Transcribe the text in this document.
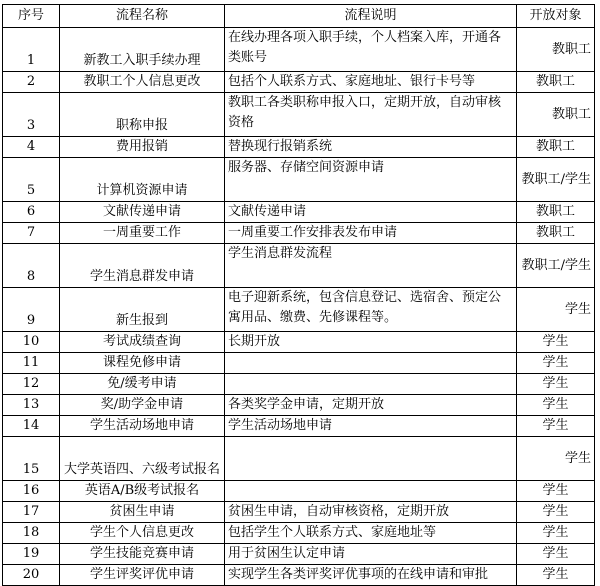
序号	流程名称	流程说明	开放对象
1	新教工入职手续办理	在线办理各项入职手续，个人档案入库，开通各类账号	教职工
2	教职工个人信息更改	包括个人联系方式、家庭地址、银行卡号等	教职工
3	职称申报	教职工各类职称申报入口，定期开放，自动审核资格	教职工
4	费用报销	替换现行报销系统	教职工
5	计算机资源申请	服务器、存储空间资源申请	教职工/学生
6	文献传递申请	文献传递申请	教职工
7	一周重要工作	一周重要工作安排表发布申请	教职工
8	学生消息群发申请	学生消息群发流程	教职工/学生
9	新生报到	电子迎新系统，包含信息登记、选宿舍、预定公寓用品、缴费、先修课程等。	学生
10	考试成绩查询	长期开放	学生
11	课程免修申请		学生
12	免/缓考申请		学生
13	奖/助学金申请	各类奖学金申请，定期开放	学生
14	学生活动场地申请	学生活动场地申请	学生
15	大学英语四、六级考试报名		学生
16	英语A/B级考试报名		学生
17	贫困生申请	贫困生申请，自动审核资格，定期开放	学生
18	学生个人信息更改	包括学生个人联系方式、家庭地址等	学生
19	学生技能竞赛申请	用于贫困生认定申请	学生
20	学生评奖评优申请	实现学生各类评奖评优事项的在线申请和审批	学生
